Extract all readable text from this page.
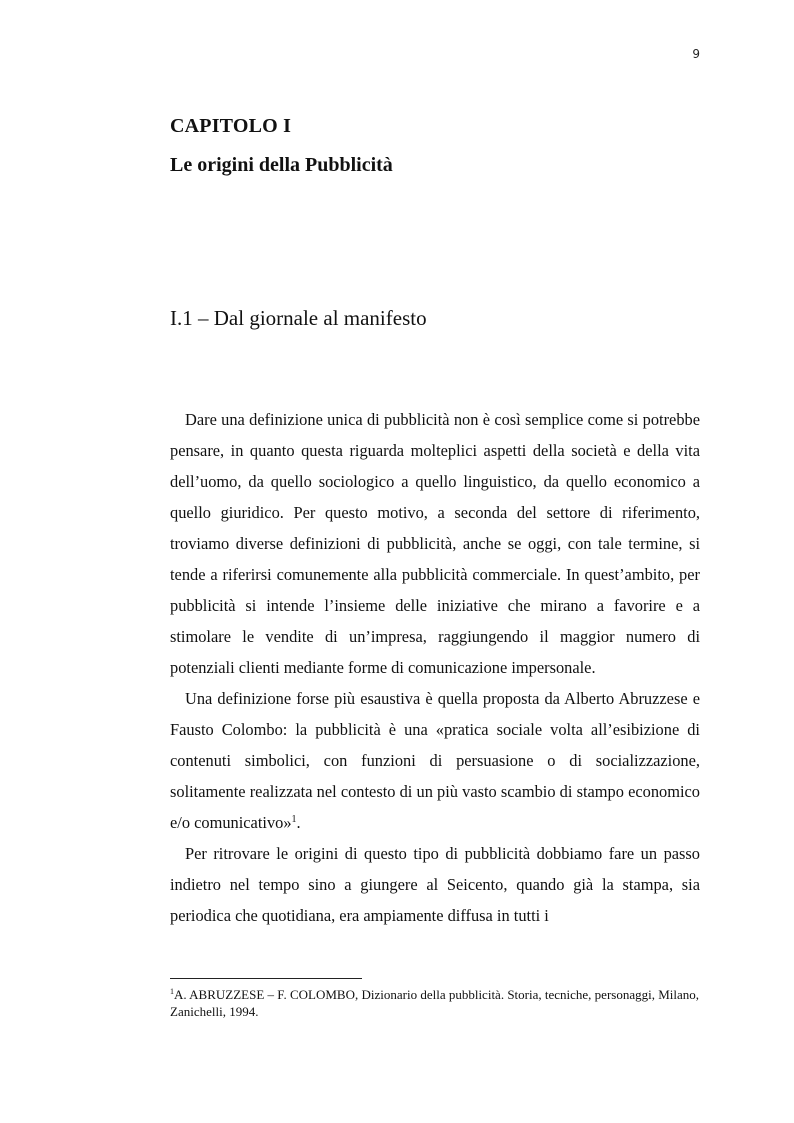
9
CAPITOLO I
Le origini della Pubblicità
I.1 – Dal giornale al manifesto

Dare una definizione unica di pubblicità non è così semplice come si potrebbe pensare, in quanto questa riguarda molteplici aspetti della società e della vita dell’uomo, da quello sociologico a quello linguistico, da quello economico a quello giuridico. Per questo motivo, a seconda del settore di riferimento, troviamo diverse definizioni di pubblicità, anche se oggi, con tale termine, si tende a riferirsi comunemente alla pubblicità commerciale. In quest’ambito, per pubblicità si intende l’insieme delle iniziative che mirano a favorire e a stimolare le vendite di un’impresa, raggiungendo il maggior numero di potenziali clienti mediante forme di comunicazione impersonale.

Una definizione forse più esaustiva è quella proposta da Alberto Abruzzese e Fausto Colombo: la pubblicità è una «pratica sociale volta all’esibizione di contenuti simbolici, con funzioni di persuasione o di socializzazione, solitamente realizzata nel contesto di un più vasto scambio di stampo economico e/o comunicativo»$^1$.

Per ritrovare le origini di questo tipo di pubblicità dobbiamo fare un passo indietro nel tempo sino a giungere al Seicento, quando già la stampa, sia periodica che quotidiana, era ampiamente diffusa in tutti i

$^1$A. ABRUZZESE – F. COLOMBO, Dizionario della pubblicità. Storia, tecniche, personaggi, Milano, Zanichelli, 1994.
